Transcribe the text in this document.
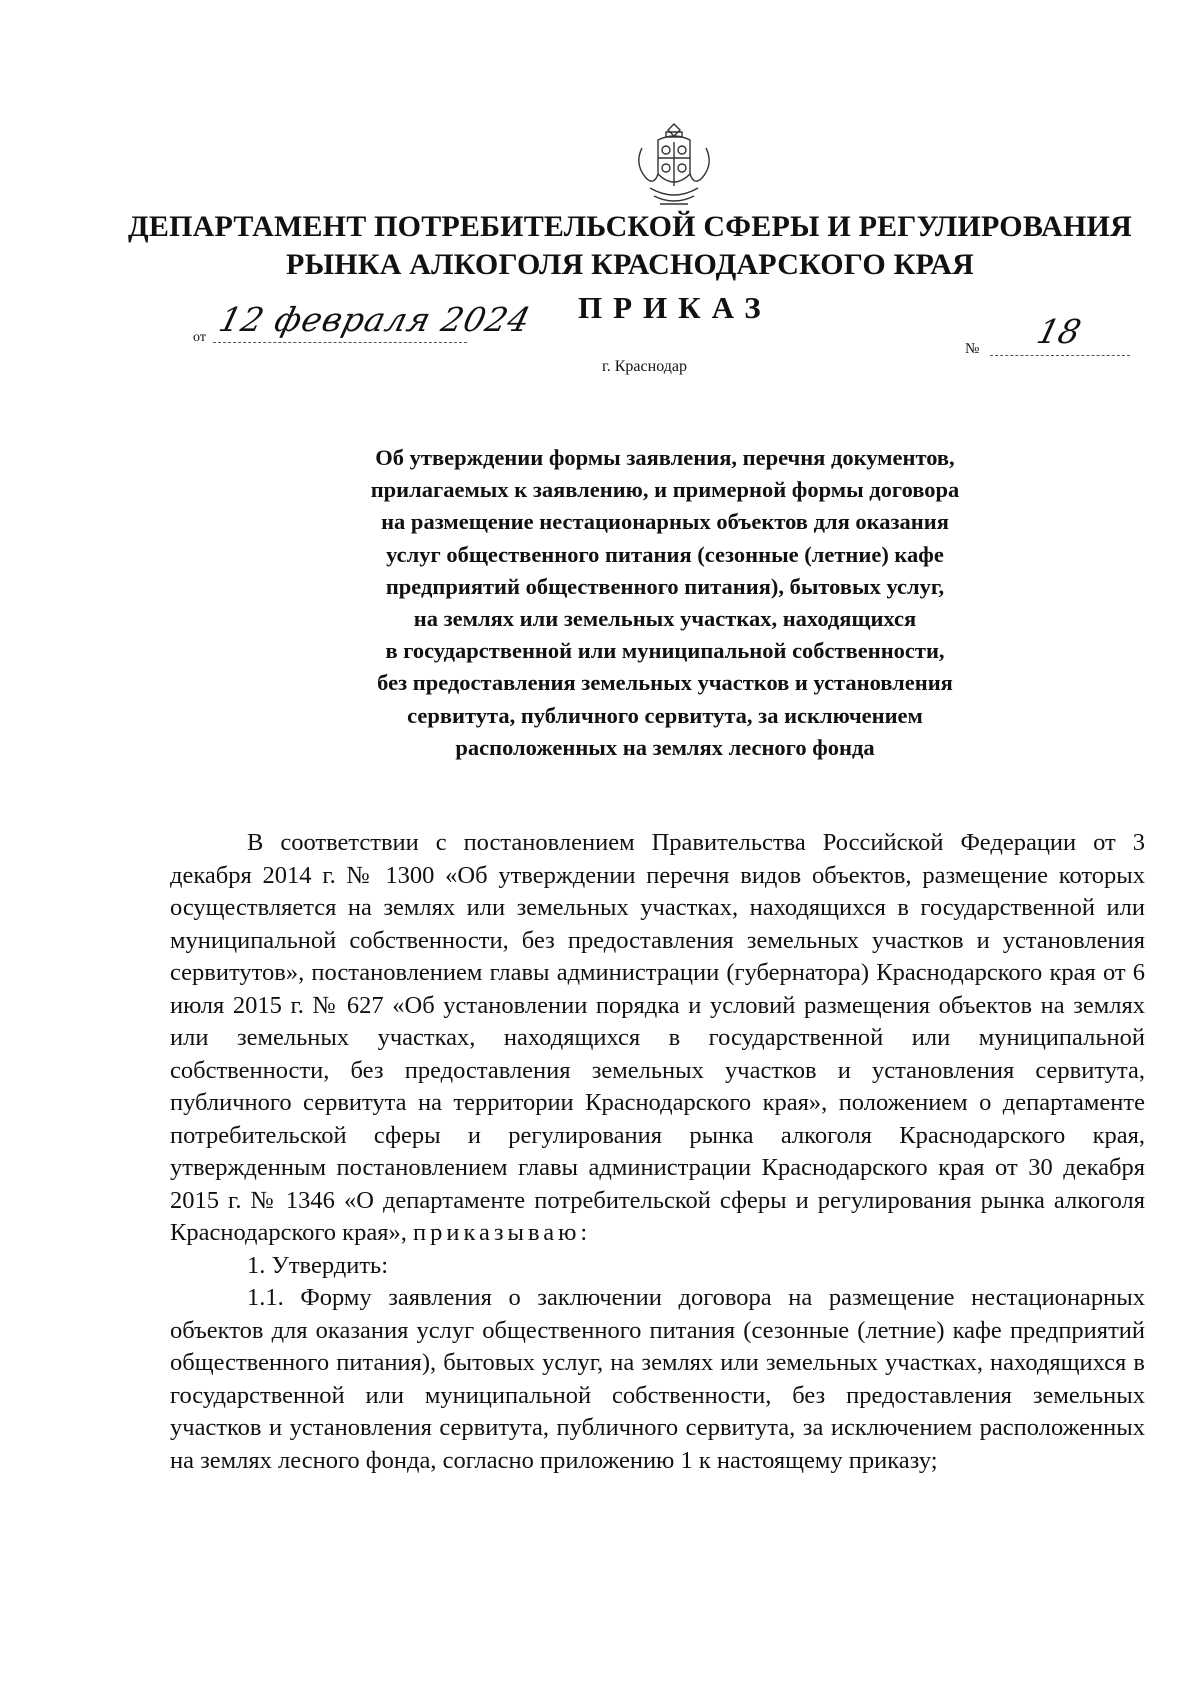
ДЕПАРТАМЕНТ ПОТРЕБИТЕЛЬСКОЙ СФЕРЫ И РЕГУЛИРОВАНИЯ
РЫНКА АЛКОГОЛЯ КРАСНОДАРСКОГО КРАЯ
ПРИКАЗ
от 12 февраля 2024
№ 18
г. Краснодар
Об утверждении формы заявления, перечня документов,
прилагаемых к заявлению, и примерной формы договора
на размещение нестационарных объектов для оказания
услуг общественного питания (сезонные (летние) кафе
предприятий общественного питания), бытовых услуг,
на землях или земельных участках, находящихся
в государственной или муниципальной собственности,
без предоставления земельных участков и установления
сервитута, публичного сервитута, за исключением
расположенных на землях лесного фонда

В соответствии с постановлением Правительства Российской Федерации от 3 декабря 2014 г. № 1300 «Об утверждении перечня видов объектов, размещение которых осуществляется на землях или земельных участках, находящихся в государственной или муниципальной собственности, без предоставления земельных участков и установления сервитутов», постановлением главы администрации (губернатора) Краснодарского края от 6 июля 2015 г. № 627 «Об установлении порядка и условий размещения объектов на землях или земельных участках, находящихся в государственной или муниципальной собственности, без предоставления земельных участков и установления сервитута, публичного сервитута на территории Краснодарского края», положением о департаменте потребительской сферы и регулирования рынка алкоголя Краснодарского края, утвержденным постановлением главы администрации Краснодарского края от 30 декабря 2015 г. № 1346 «О департаменте потребительской сферы и регулирования рынка алкоголя Краснодарского края», приказываю:

1. Утвердить:

1.1. Форму заявления о заключении договора на размещение нестационарных объектов для оказания услуг общественного питания (сезонные (летние) кафе предприятий общественного питания), бытовых услуг, на землях или земельных участках, находящихся в государственной или муниципальной собственности, без предоставления земельных участков и установления сервитута, публичного сервитута, за исключением расположенных на землях лесного фонда, согласно приложению 1 к настоящему приказу;
